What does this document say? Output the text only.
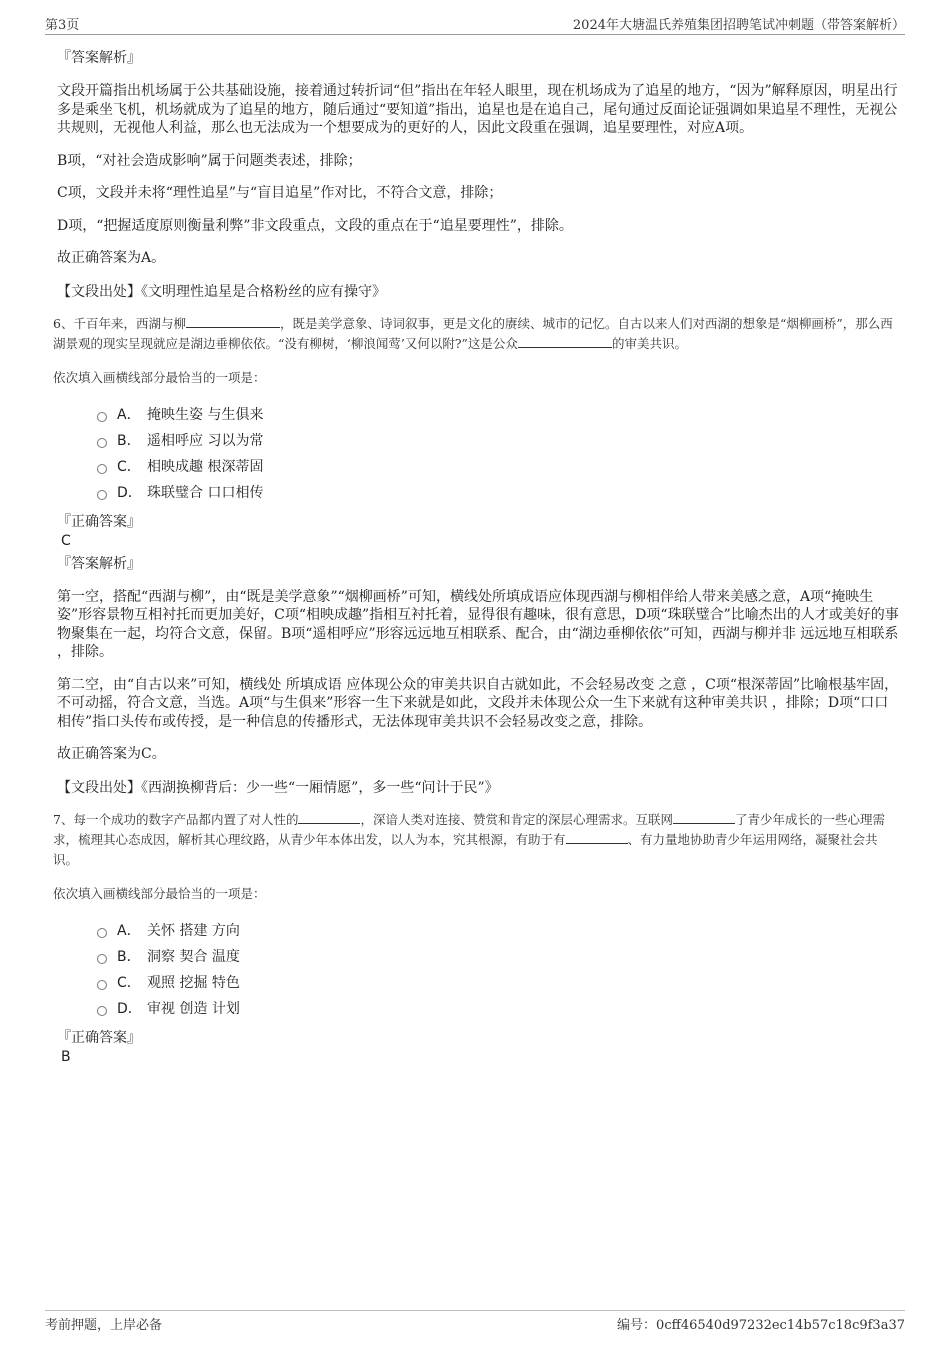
第3页	2024年大塘温氏养殖集团招聘笔试冲刺题（带答案解析）
『答案解析』

文段开篇指出机场属于公共基础设施，接着通过转折词“但”指出在年轻人眼里，现在机场成为了追星的地方，“因为”解释原因，明星出行多是乘坐飞机，机场就成为了追星的地方，随后通过“要知道”指出，追星也是在追自己，尾句通过反面论证强调如果追星不理性，无视公共规则，无视他人利益，那么也无法成为一个想要成为的更好的人，因此文段重在强调，追星要理性，对应A项。

B项，“对社会造成影响”属于问题类表述，排除；

C项，文段并未将“理性追星”与“盲目追星”作对比，不符合文意，排除；

D项，“把握适度原则衡量利弊”非文段重点，文段的重点在于“追星要理性”，排除。

故正确答案为A。

【文段出处】《文明理性追星是合格粉丝的应有操守》

6、千百年来，西湖与柳	，既是美学意象、诗词叙事，更是文化的赓续、城市的记忆。自古以来人们对西湖的想象是“烟柳画桥”，那么西湖景观的现实呈现就应是湖边垂柳依依。“没有柳树，‘柳浪闻莺’又何以附?”这是公众	的审美共识。

依次填入画横线部分最恰当的一项是：

A． 掩映生姿 与生俱来
B． 遥相呼应 习以为常
C． 相映成趣 根深蒂固
D． 珠联璧合 口口相传
『正确答案』
C
『答案解析』

第一空，搭配“西湖与柳”，由“既是美学意象”“烟柳画桥”可知，横线处所填成语应体现西湖与柳相伴给人带来美感之意，A项“掩映生姿”形容景物互相衬托而更加美好，C项“相映成趣”指相互衬托着，显得很有趣味，很有意思，D项“珠联璧合”比喻杰出的人才或美好的事物聚集在一起，均符合文意，保留。B项“遥相呼应”形容远远地互相联系、配合，由“湖边垂柳依依”可知，西湖与柳并非 远远地互相联系 ，排除。

第二空，由“自古以来”可知，横线处 所填成语 应体现公众的审美共识自古就如此，不会轻易改变 之意 ，C项“根深蒂固”比喻根基牢固，不可动摇，符合文意，当选。A项“与生俱来”形容一生下来就是如此，文段并未体现公众一生下来就有这种审美共识 ，排除；D项“口口相传”指口头传布或传授，是一种信息的传播形式，无法体现审美共识不会轻易改变之意，排除。

故正确答案为C。

【文段出处】《西湖换柳背后：少一些“一厢情愿”，多一些“问计于民”》

7、每一个成功的数字产品都内置了对人性的	，深谙人类对连接、赞赏和肯定的深层心理需求。互联网	了青少年成长的一些心理需求，梳理其心态成因，解析其心理纹路，从青少年本体出发，以人为本，究其根源，有助于有	、有力量地协助青少年运用网络，凝聚社会共识。

依次填入画横线部分最恰当的一项是：

A． 关怀 搭建 方向
B． 洞察 契合 温度
C． 观照 挖掘 特色
D． 审视 创造 计划
『正确答案』
B
考前押题，上岸必备	编号：0cff46540d97232ec14b57c18c9f3a37
